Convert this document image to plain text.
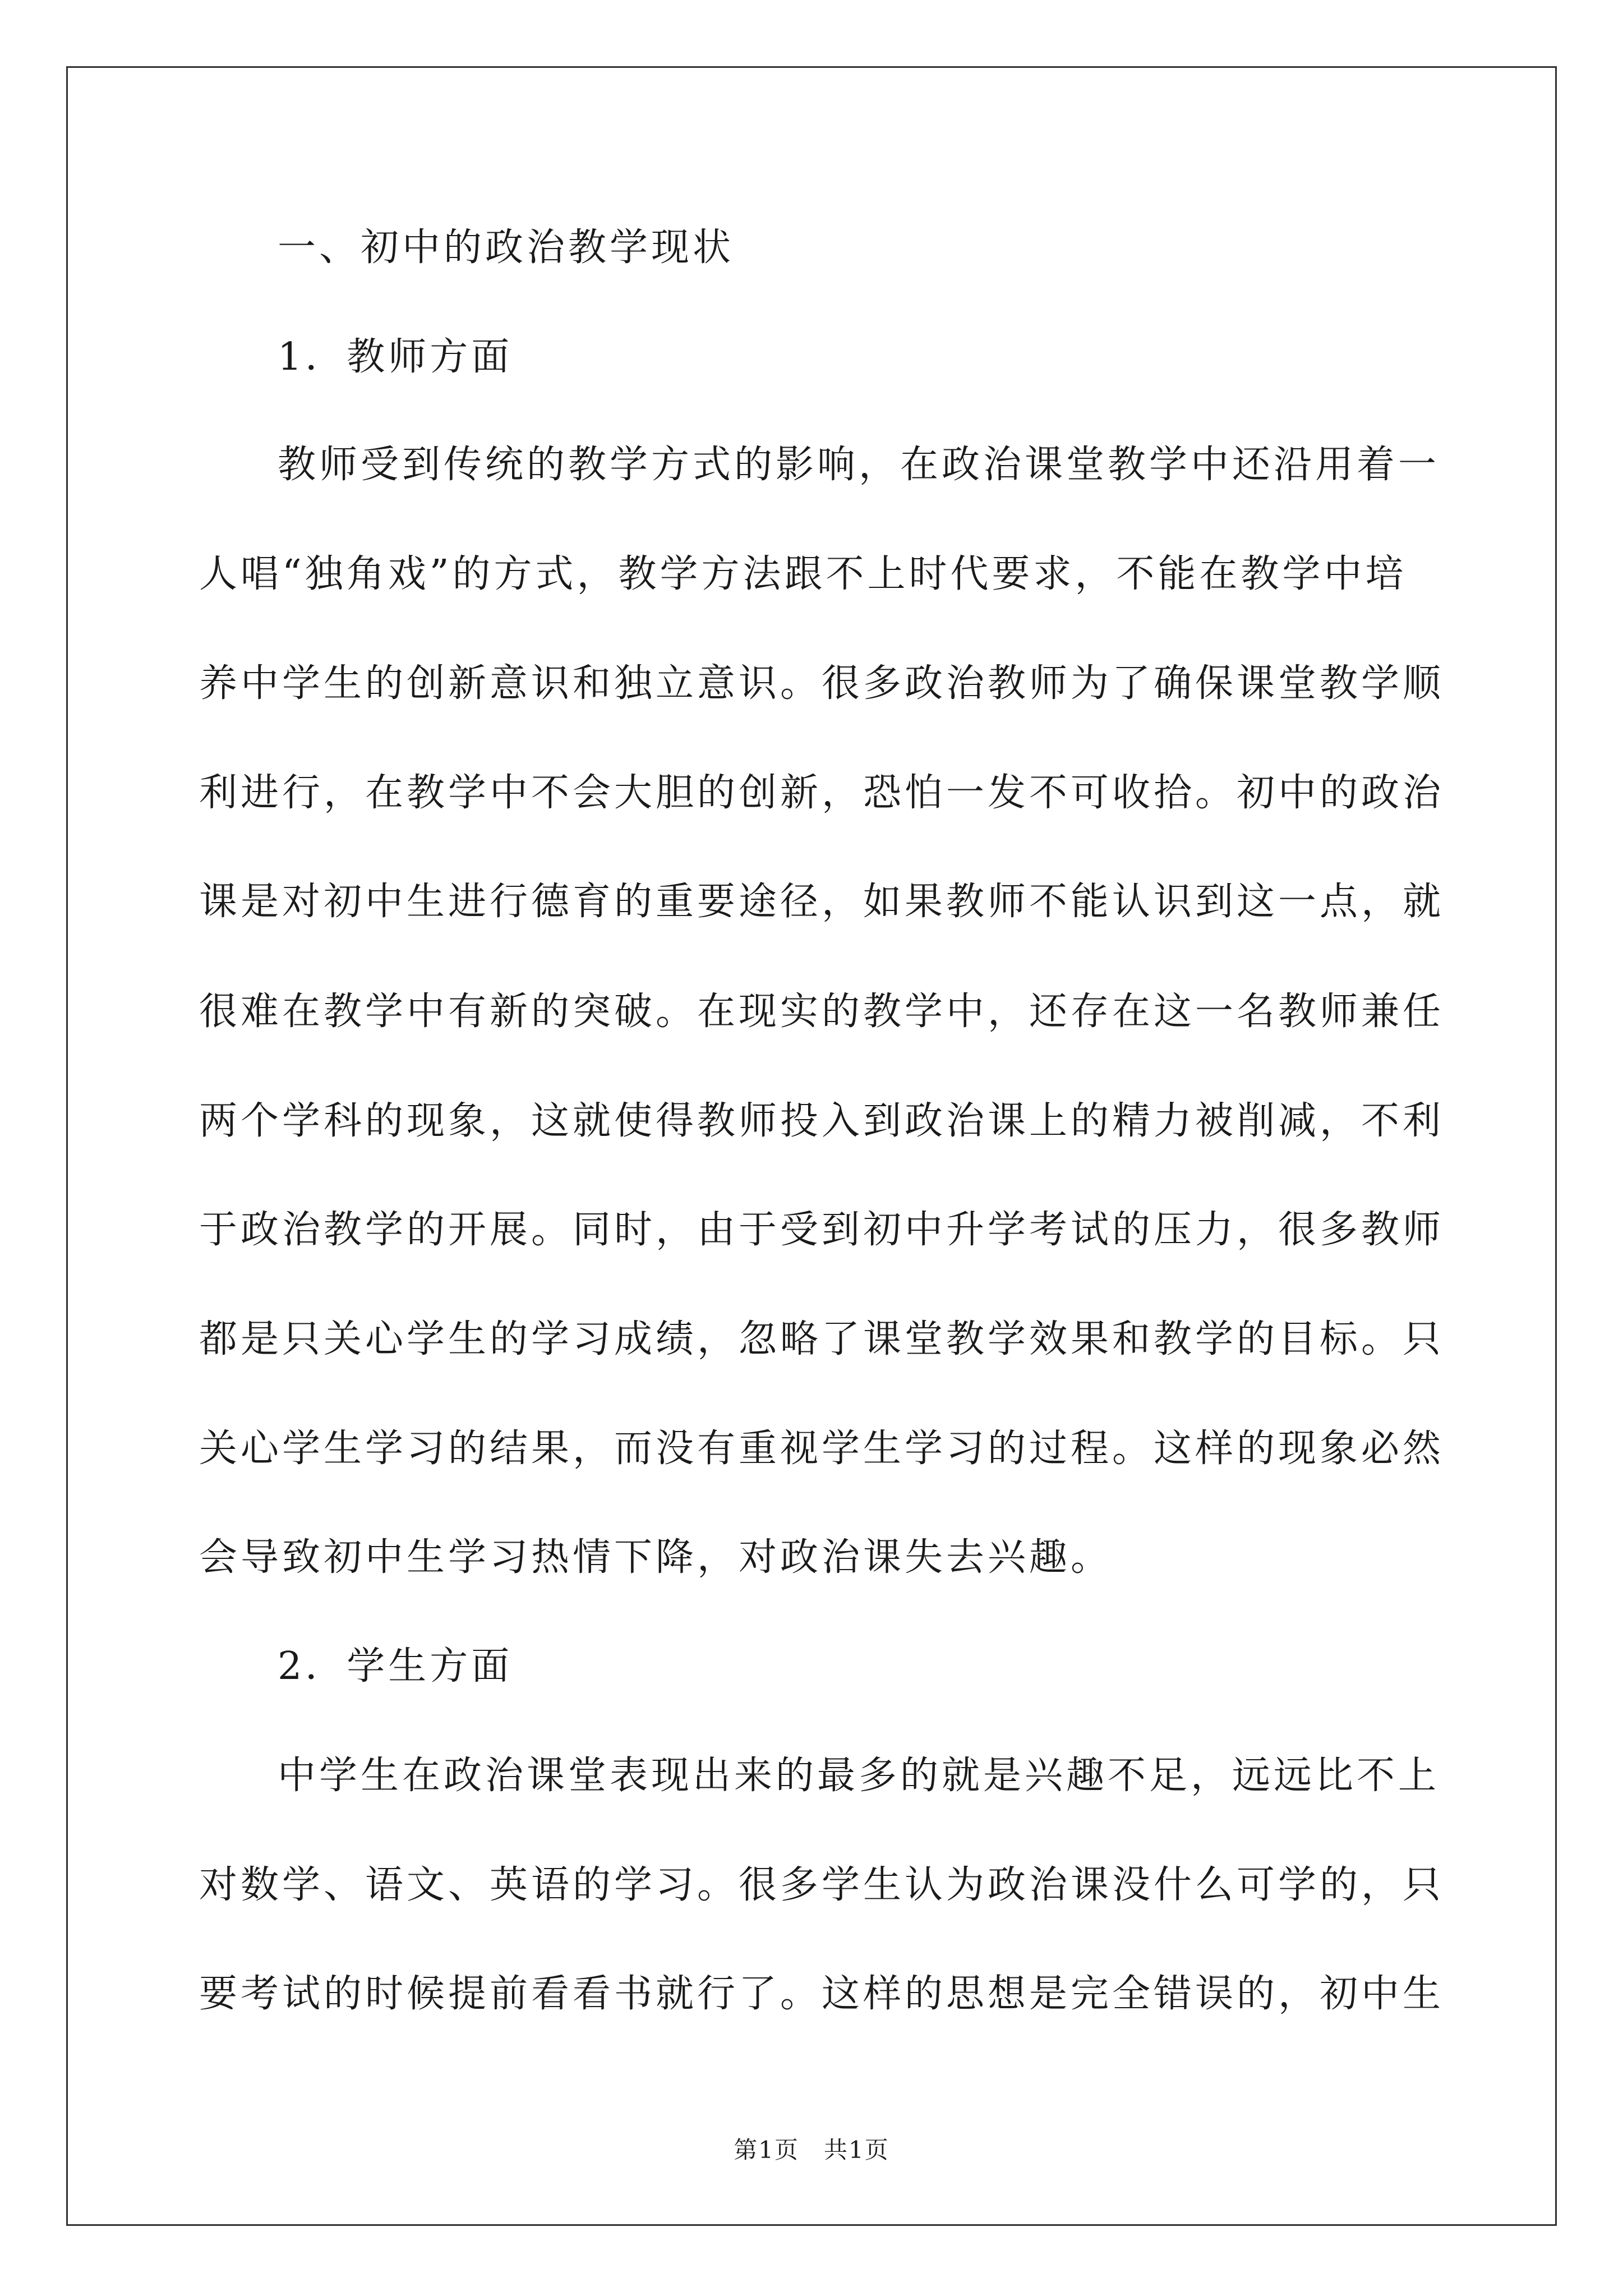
一、初中的政治教学现状
1．教师方面
教师受到传统的教学方式的影响，在政治课堂教学中还沿用着一
人唱“独角戏”的方式，教学方法跟不上时代要求，不能在教学中培
养中学生的创新意识和独立意识。很多政治教师为了确保课堂教学顺
利进行，在教学中不会大胆的创新，恐怕一发不可收拾。初中的政治
课是对初中生进行德育的重要途径，如果教师不能认识到这一点，就
很难在教学中有新的突破。在现实的教学中，还存在这一名教师兼任
两个学科的现象，这就使得教师投入到政治课上的精力被削减，不利
于政治教学的开展。同时，由于受到初中升学考试的压力，很多教师
都是只关心学生的学习成绩，忽略了课堂教学效果和教学的目标。只
关心学生学习的结果，而没有重视学生学习的过程。这样的现象必然
会导致初中生学习热情下降，对政治课失去兴趣。
2．学生方面
中学生在政治课堂表现出来的最多的就是兴趣不足，远远比不上
对数学、语文、英语的学习。很多学生认为政治课没什么可学的，只
要考试的时候提前看看书就行了。这样的思想是完全错误的，初中生
第1页　共1页
